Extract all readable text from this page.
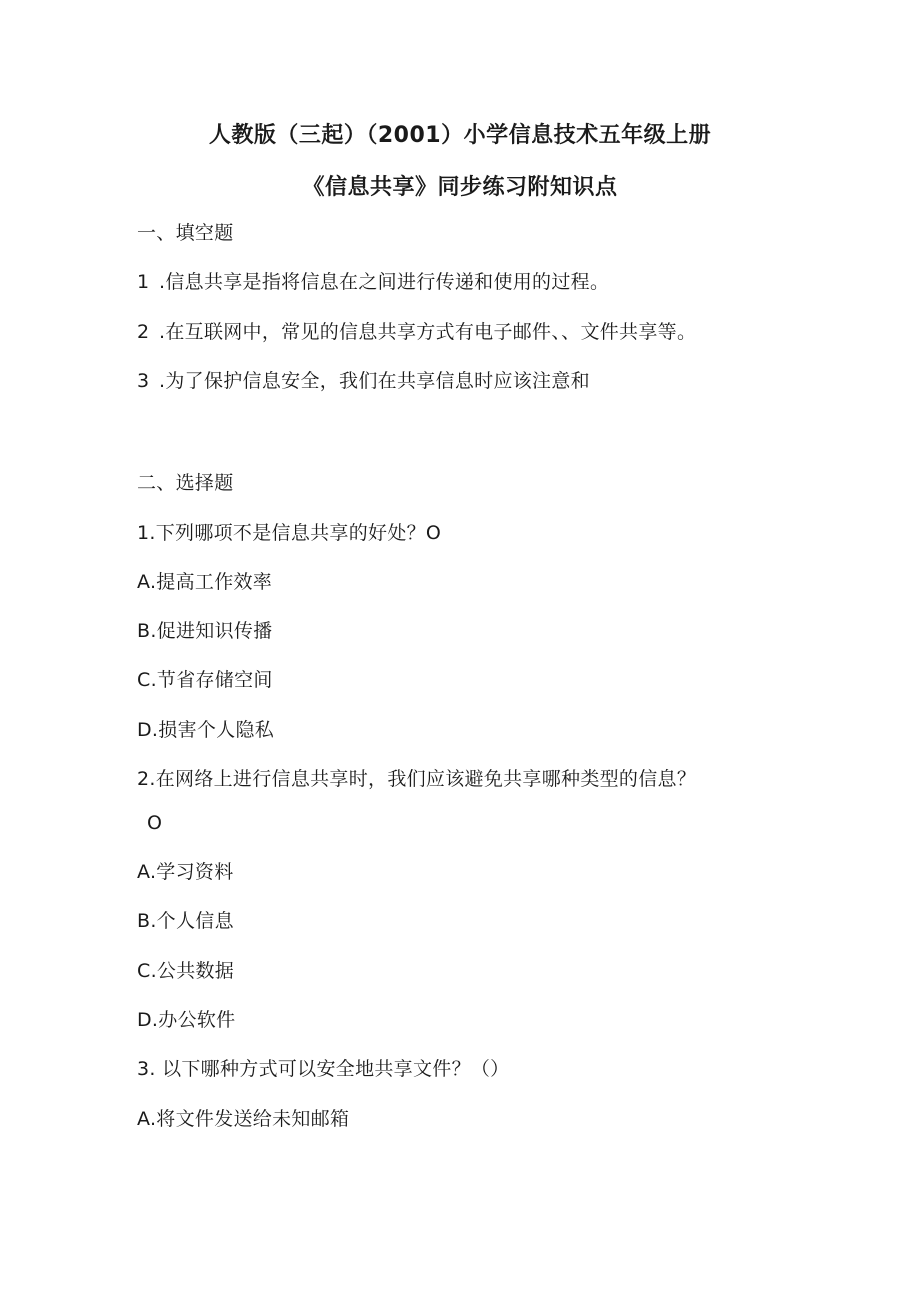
人教版（三起）（2001）小学信息技术五年级上册
《信息共享》同步练习附知识点
一、填空题
1 .信息共享是指将信息在之间进行传递和使用的过程。
2 .在互联网中，常见的信息共享方式有电子邮件、、文件共享等。
3 .为了保护信息安全，我们在共享信息时应该注意和
二、选择题
1.下列哪项不是信息共享的好处？O
A.提高工作效率
B.促进知识传播
C.节省存储空间
D.损害个人隐私
2.在网络上进行信息共享时，我们应该避免共享哪种类型的信息？
O
A.学习资料
B.个人信息
C.公共数据
D.办公软件
3. 以下哪种方式可以安全地共享文件？（）
A.将文件发送给未知邮箱
